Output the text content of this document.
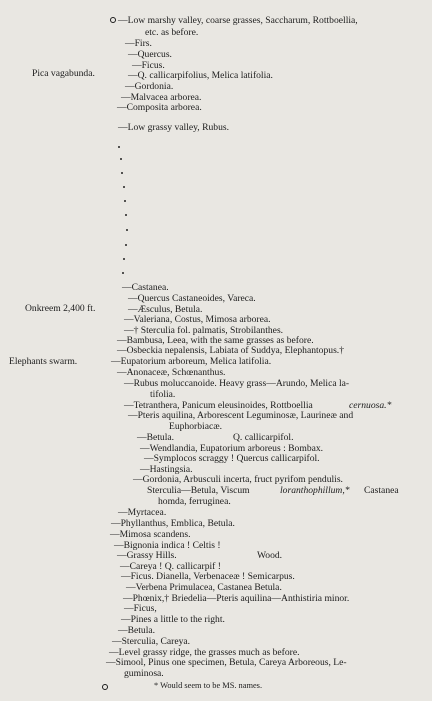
Pica vagabunda.
Onkreem 2,400 ft.
Elephants swarm.
—Low marshy valley, coarse grasses, Saccharum, Rottboellia,
etc. as before.
—Firs.
—Quercus.
—Ficus.
—Q. callicarpifolius, Melica latifolia.
—Gordonia.
—Malvacea arborea.
—Composita arborea.
—Low grassy valley, Rubus.
—Castanea.
—Quercus Castaneoides, Vareca.
—Æsculus, Betula.
—Valeriana, Costus, Mimosa arborea.
—† Sterculia fol. palmatis, Strobilanthes.
—Bambusa, Leea, with the same grasses as before.
—Osbeckia nepalensis, Labiata of Suddya, Elephantopus.†
—Eupatorium arboreum, Melica latifolia.
—Anonaceæ, Schœnanthus.
—Rubus moluccanoide. Heavy grass—Arundo, Melica la-
tifolia.
—Tetranthera, Panicum eleusinoides, Rottboellia	cernuosa.*
—Pteris aquilina, Arborescent Leguminosæ, Laurineæ and
Euphorbiacæ.
—Betula.	Q. callicarpifol.
—Wendlandia, Eupatorium arboreus : Bombax.
—Symplocos scraggy ! Quercus callicarpifol.
—Hastingsia.
—Gordonia, Arbusculi incerta, fruct pyrifom pendulis.
Sterculia—Betula, Viscum	loranthophillum,* Castanea
homda, ferruginea.
—Myrtacea.
—Phyllanthus, Emblica, Betula.
—Mimosa scandens.
—Bignonia indica ! Celtis !
—Grassy Hills.	Wood.
—Careya ! Q. callicarpif !
—Ficus. Dianella, Verbenaceæ ! Semicarpus.
—Verbena Primulacea, Castanea Betula.
—Phœnix,† Briedelia—Pteris aquilina—Anthistiria minor.
—Ficus,
—Pines a little to the right.
—Betula.
—Sterculia, Careya.
—Level grassy ridge, the grasses much as before.
—Simool, Pinus one specimen, Betula, Careya Arboreous, Le-
guminosa.
* Would seem to be MS. names.
